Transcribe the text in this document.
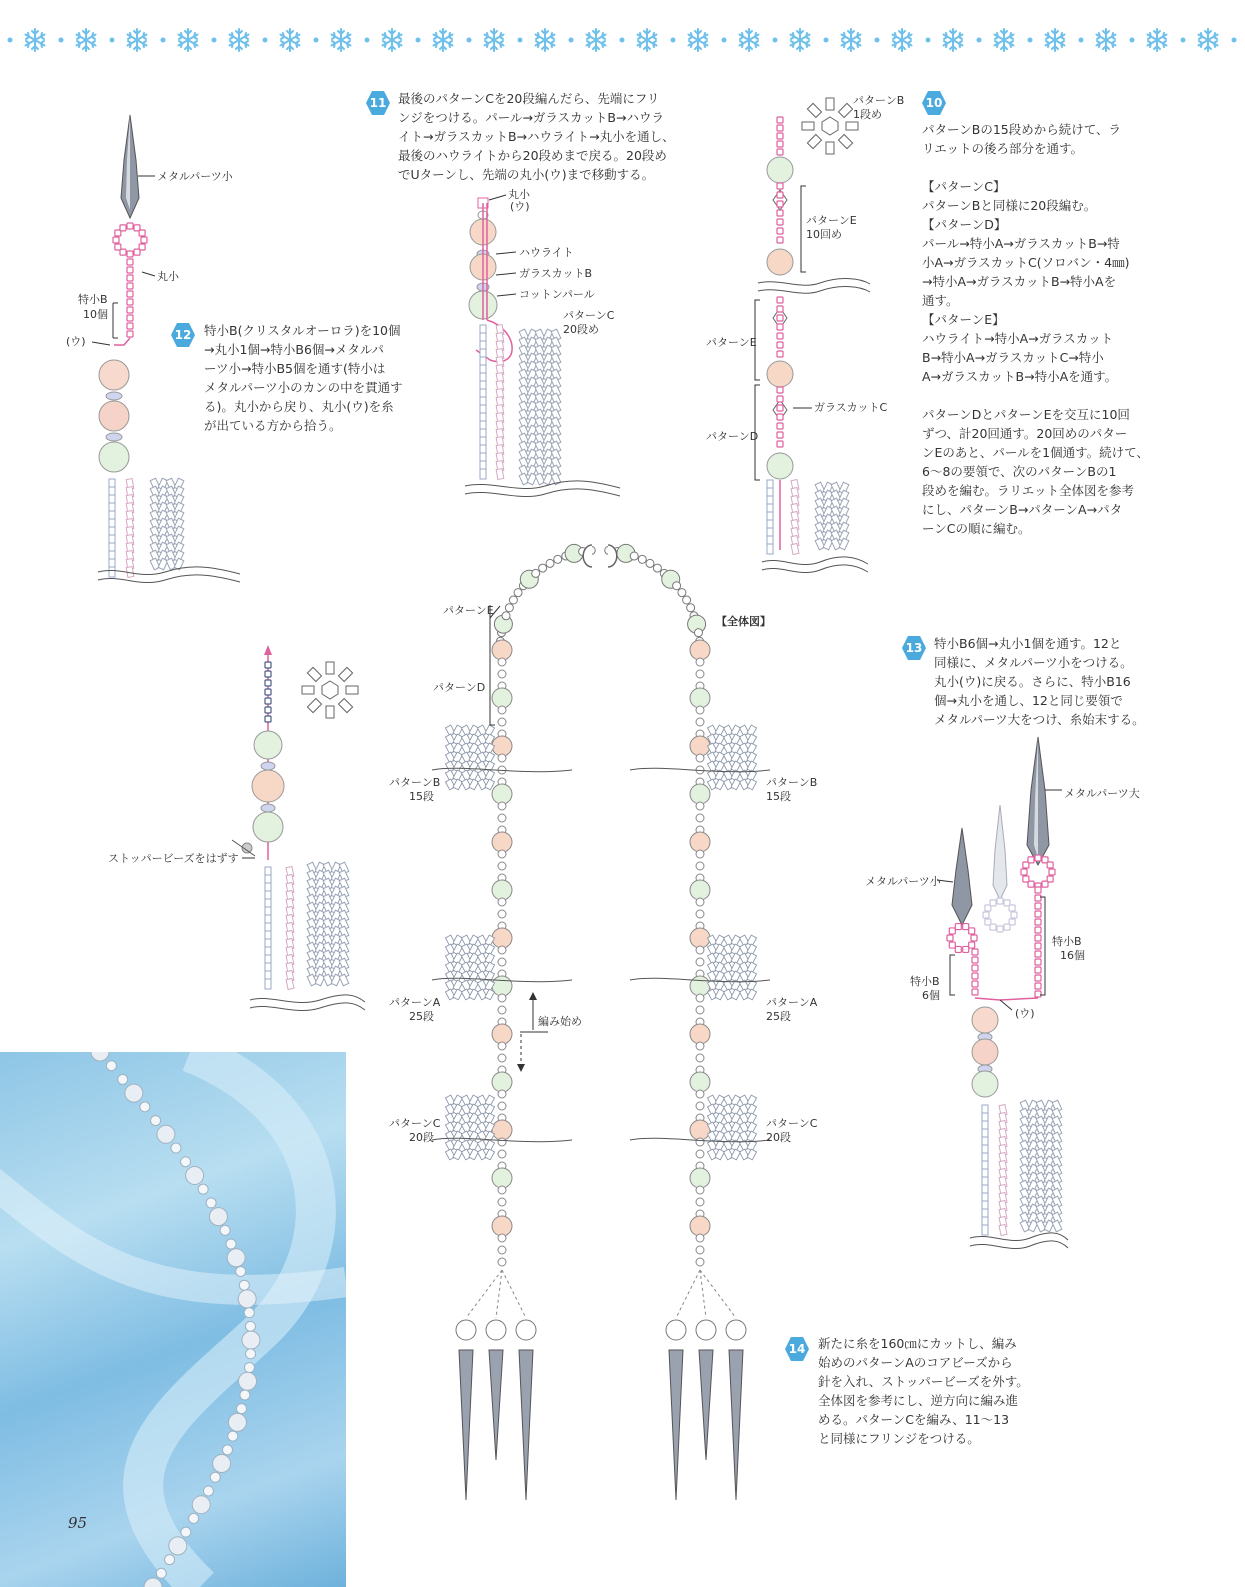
メタルパーツ小
丸小
特小B
10個
(ウ)
丸小
(ウ)
ハウライト
ガラスカットB
コットンパール
パターンC
20段め
パターンB
1段め
パターンE
10回め
パターンE
パターンD
ガラスカットC
ストッパービーズをはずす
【全体図】
パターンE
パターンD
パターンB
15段
パターンB
15段
パターンA
25段
パターンA
25段
編み始め
パターンC
20段
パターンC
20段
メタルパーツ大
メタルパーツ小
特小B
16個
特小B
6個
(ウ)
11 最後のパターンCを20段編んだら、先端にフリ

ンジをつける。パール→ガラスカットB→ハウラ

イト→ガラスカットB→ハウライト→丸小を通し、

最後のハウライトから20段めまで戻る。20段め

でUターンし、先端の丸小(ウ)まで移動する。

10

パターンBの15段めから続けて、ラ

リエットの後ろ部分を通す。

【パターンC】

パターンBと同様に20段編む。

【パターンD】

パール→特小A→ガラスカットB→特

小A→ガラスカットC(ソロバン・4㎜)

→特小A→ガラスカットB→特小Aを

通す。

【パターンE】

ハウライト→特小A→ガラスカット

B→特小A→ガラスカットC→特小

A→ガラスカットB→特小Aを通す。

パターンDとパターンEを交互に10回

ずつ、計20回通す。20回めのパター

ンEのあと、パールを1個通す。続けて、

6～8の要領で、次のパターンBの1

段めを編む。ラリエット全体図を参考

にし、パターンB→パターンA→パタ

ーンCの順に編む。

12 特小B(クリスタルオーロラ)を10個

→丸小1個→特小B6個→メタルパ

ーツ小→特小B5個を通す(特小は

メタルパーツ小のカンの中を貫通す

る)。丸小から戻り、丸小(ウ)を糸

が出ている方から拾う。

13 特小B6個→丸小1個を通す。12と

同様に、メタルパーツ小をつける。

丸小(ウ)に戻る。さらに、特小B16

個→丸小を通し、12と同じ要領で

メタルパーツ大をつけ、糸始末する。

14 新たに糸を160㎝にカットし、編み

始めのパターンAのコアビーズから

針を入れ、ストッパービーズを外す。

全体図を参考にし、逆方向に編み進

める。パターンCを編み、11～13

と同様にフリンジをつける。

95
